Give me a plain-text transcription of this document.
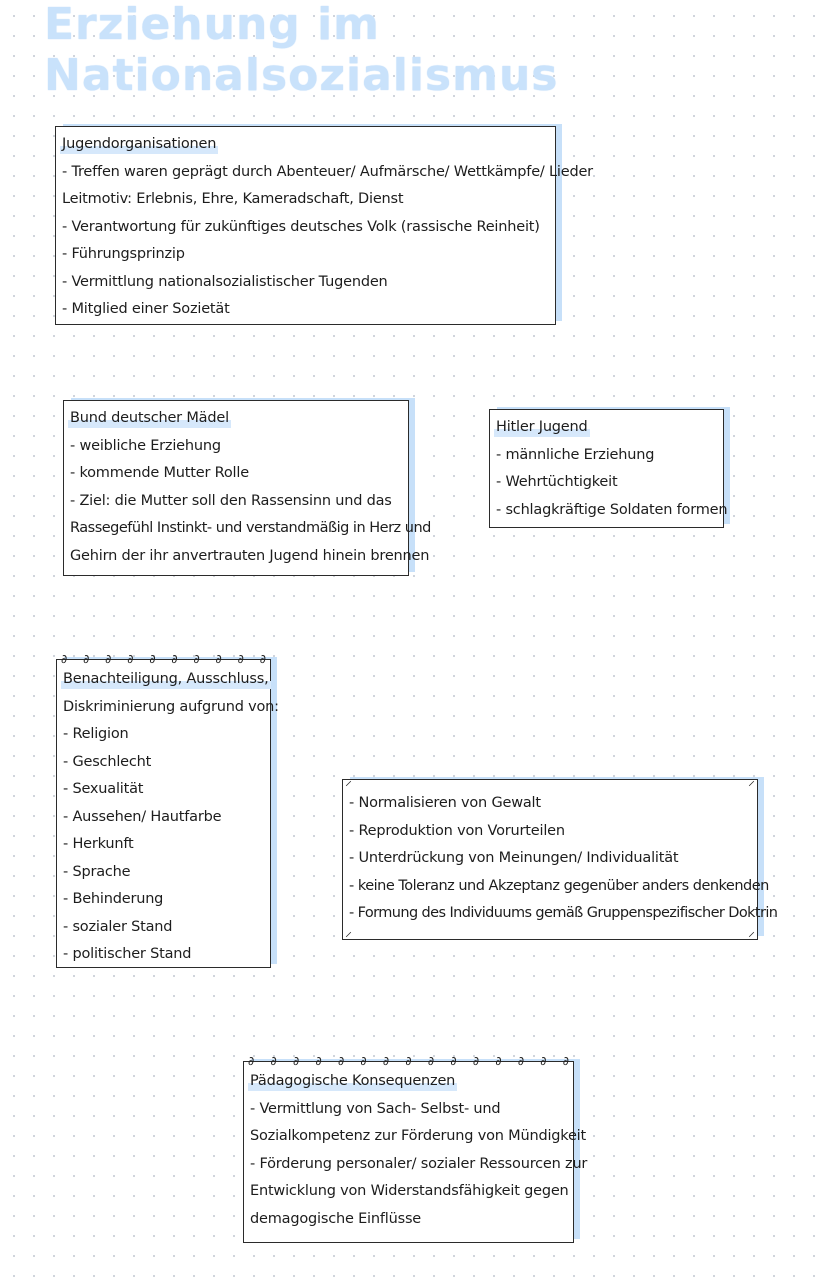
Erziehung im Nationalsozialismus
Jugendorganisationen
- Treffen waren geprägt durch Abenteuer/ Aufmärsche/ Wettkämpfe/ Lieder
Leitmotiv: Erlebnis, Ehre, Kameradschaft, Dienst
- Verantwortung für zukünftiges deutsches Volk (rassische Reinheit)
- Führungsprinzip
- Vermittlung nationalsozialistischer Tugenden
- Mitglied einer Sozietät
Bund deutscher Mädel
- weibliche Erziehung
- kommende Mutter Rolle
- Ziel: die Mutter soll den Rassensinn und das
Rassegefühl Instinkt- und verstandmäßig in Herz und
Gehirn der ihr anvertrauten Jugend hinein brennen
Hitler Jugend
- männliche Erziehung
- Wehrtüchtigkeit
- schlagkräftige Soldaten formen
∂ ∂ ∂ ∂ ∂ ∂ ∂ ∂ ∂ ∂
Benachteiligung, Ausschluss,
Diskriminierung aufgrund von:
- Religion
- Geschlecht
- Sexualität
- Aussehen/ Hautfarbe
- Herkunft
- Sprache
- Behinderung
- sozialer Stand
- politischer Stand
⸝	⸝
⸝	⸝
- Normalisieren von Gewalt
- Reproduktion von Vorurteilen
- Unterdrückung von Meinungen/ Individualität
- keine Toleranz und Akzeptanz gegenüber anders denkenden
- Formung des Individuums gemäß Gruppenspezifischer Doktrin
∂ ∂ ∂ ∂ ∂ ∂ ∂ ∂ ∂ ∂ ∂ ∂ ∂ ∂ ∂
Pädagogische Konsequenzen
- Vermittlung von Sach- Selbst- und
Sozialkompetenz zur Förderung von Mündigkeit
- Förderung personaler/ sozialer Ressourcen zur
Entwicklung von Widerstandsfähigkeit gegen
demagogische Einflüsse
